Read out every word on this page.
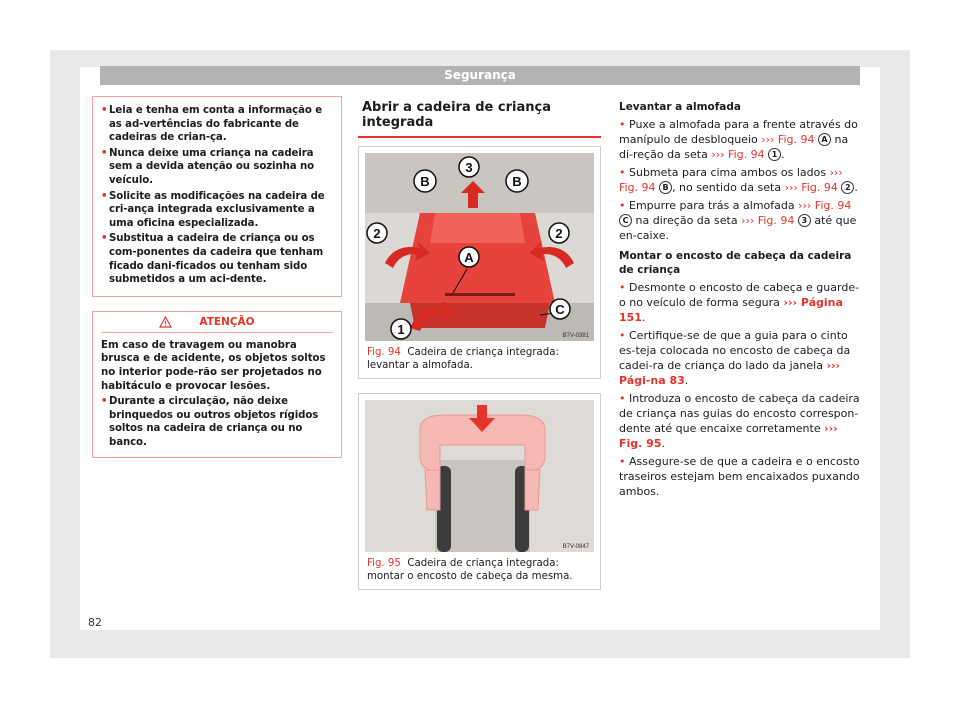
Segurança
• Leia e tenha em conta a informação e as ad-vertências do fabricante de cadeiras de crian-ça.
• Nunca deixe uma criança na cadeira sem a devida atenção ou sozinha no veículo.
• Solicite as modificações na cadeira de cri-ança integrada exclusivamente a uma oficina especializada.
• Substitua a cadeira de criança ou os com-ponentes da cadeira que tenham ficado dani-ficados ou tenham sido submetidos a um aci-dente.
ATENÇÃO
Em caso de travagem ou manobra brusca e de acidente, os objetos soltos no interior pode-rão ser projetados no habitáculo e provocar lesões.
• Durante a circulação, não deixe brinquedos ou outros objetos rígidos soltos na cadeira de criança ou no banco.
Abrir a cadeira de criança integrada
B	B
3
2	2
A
C
1	B7V-0381
Fig. 94 Cadeira de criança integrada: levantar a almofada.
B7V-0847
Fig. 95 Cadeira de criança integrada: montar o encosto de cabeça da mesma.
Levantar a almofada
• Puxe a almofada para a frente através do manípulo de desbloqueio ››› Fig. 94 A na di-reção da seta ››› Fig. 94 1 .
• Submeta para cima ambos os lados ››› Fig. 94 B , no sentido da seta ››› Fig. 94 2 .
• Empurre para trás a almofada ››› Fig. 94 C na direção da seta ››› Fig. 94 3 até que en-caixe.
Montar o encosto de cabeça da cadeira de criança
• Desmonte o encosto de cabeça e guarde-o no veículo de forma segura ››› Página 151.
• Certifique-se de que a guia para o cinto es-teja colocada no encosto de cabeça da cadei-ra de criança do lado da janela ››› Pági-na 83.
• Introduza o encosto de cabeça da cadeira de criança nas guias do encosto correspon-dente até que encaixe corretamente ››› Fig. 95.
• Assegure-se de que a cadeira e o encosto traseiros estejam bem encaixados puxando ambos.
82
